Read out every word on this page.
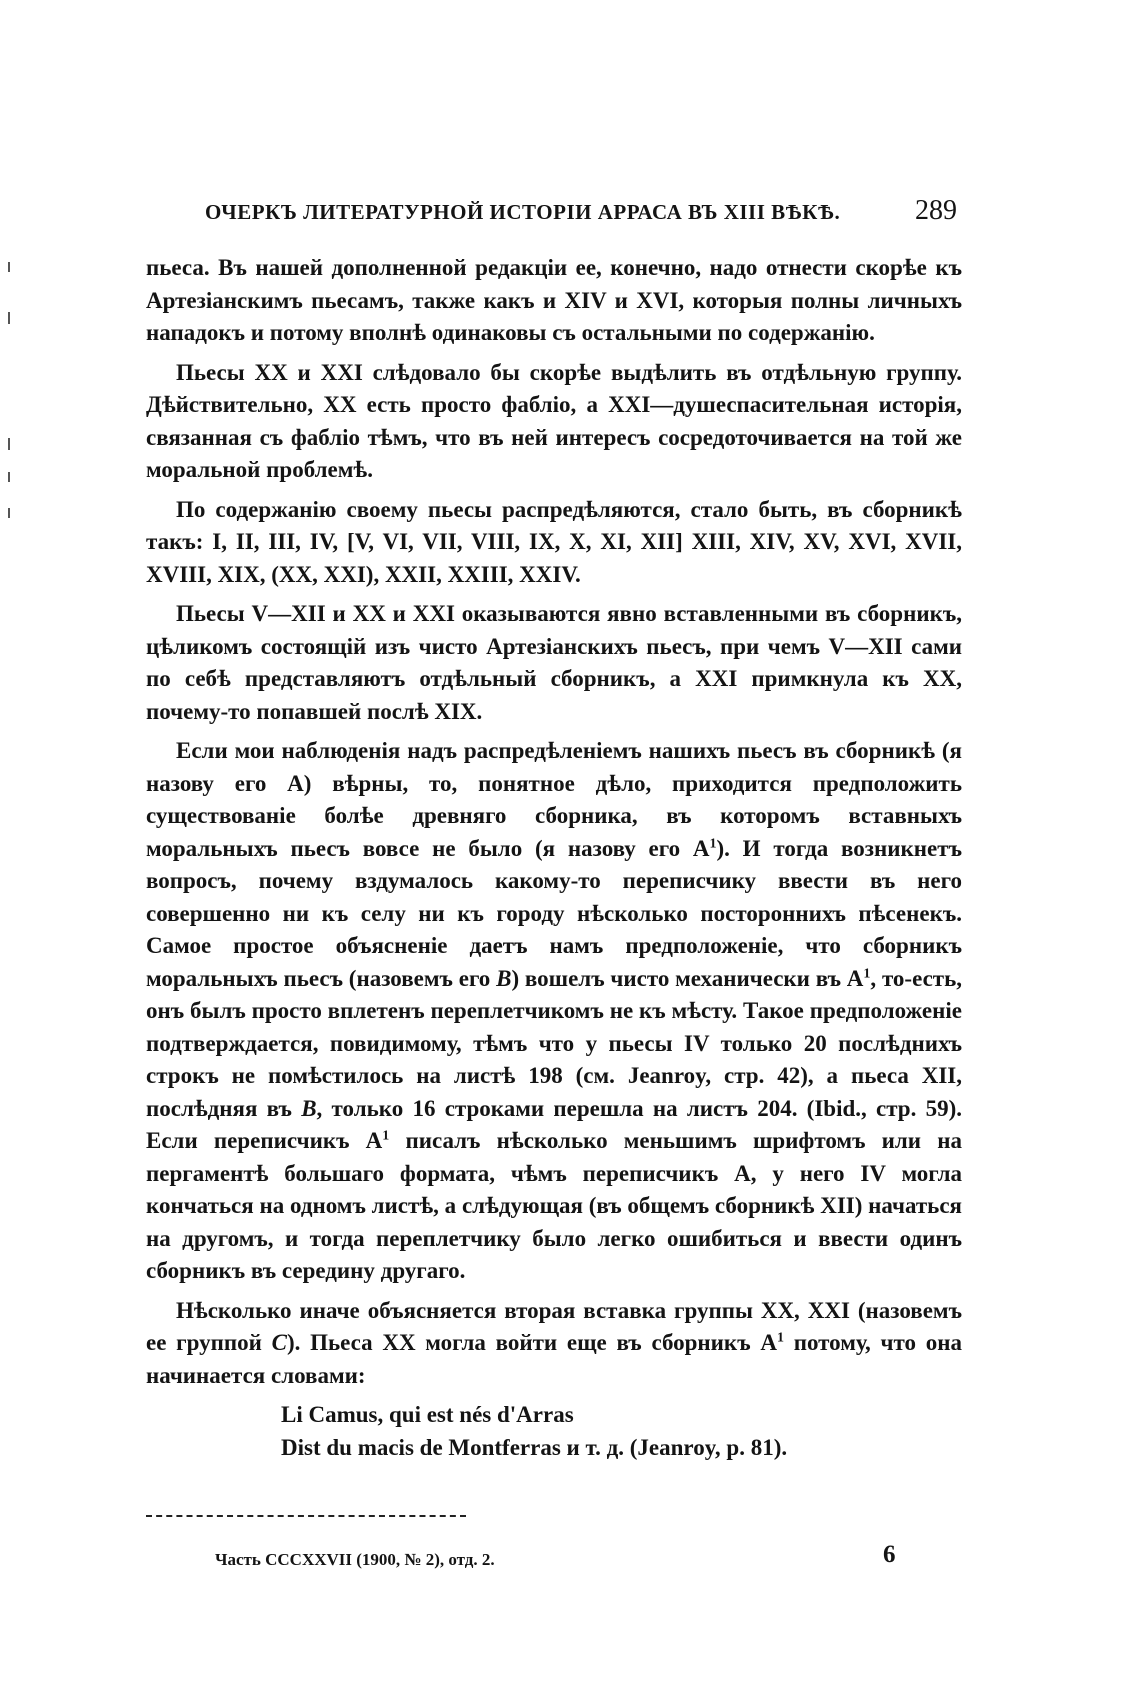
ОЧЕРКЪ ЛИТЕРАТУРНОЙ ИСТОРІИ АРРАСА ВЪ XIII ВѢКѢ.	289

пьеса. Въ нашей дополненной редакціи ее, конечно, надо отнести скорѣе къ Артезіанскимъ пьесамъ, также какъ и XIV и XVI, которыя полны личныхъ нападокъ и потому вполнѣ одинаковы съ остальными по содержанію.

Пьесы XX и XXI слѣдовало бы скорѣе выдѣлить въ отдѣльную группу. Дѣйствительно, XX есть просто фабліо, а XXI—душеспасительная исторія, связанная съ фабліо тѣмъ, что въ ней интересъ сосредоточивается на той же моральной проблемѣ.

По содержанію своему пьесы распредѣляются, стало быть, въ сборникѣ такъ: I, II, III, IV, [V, VI, VII, VIII, IX, X, XI, XII] XIII, XIV, XV, XVI, XVII, XVIII, XIX, (XX, XXI), XXII, XXIII, XXIV.

Пьесы V—XII и XX и XXI оказываются явно вставленными въ сборникъ, цѣликомъ состоящій изъ чисто Артезіанскихъ пьесъ, при чемъ V—XII сами по себѣ представляютъ отдѣльный сборникъ, а XXI примкнула къ XX, почему-то попавшей послѣ XIX.

Если мои наблюденія надъ распредѣленіемъ нашихъ пьесъ въ сборникѣ (я назову его А) вѣрны, то, понятное дѣло, приходится предположить существованіе болѣе древняго сборника, въ которомъ вставныхъ моральныхъ пьесъ вовсе не было (я назову его $А^1$). И тогда возникнетъ вопросъ, почему вздумалось какому-то переписчику ввести въ него совершенно ни къ селу ни къ городу нѣсколько постороннихъ пѣсенекъ. Самое простое объясненіе даетъ намъ предположеніе, что сборникъ моральныхъ пьесъ (назовемъ его B) вошелъ чисто механически въ $А^1$, то-есть, онъ былъ просто вплетенъ переплетчикомъ не къ мѣсту. Такое предположеніе подтверждается, повидимому, тѣмъ что у пьесы IV только 20 послѣднихъ строкъ не помѣстилось на листѣ 198 (см. Jeanroy, стр. 42), а пьеса XII, послѣдняя въ B, только 16 строками перешла на листъ 204. (Ibid., стр. 59). Если переписчикъ $А^1$ писалъ нѣсколько меньшимъ шрифтомъ или на пергаментѣ большаго формата, чѣмъ переписчикъ А, у него IV могла кончаться на одномъ листѣ, а слѣдующая (въ общемъ сборникѣ XII) начаться на другомъ, и тогда переплетчику было легко ошибиться и ввести одинъ сборникъ въ середину другаго.

Нѣсколько иначе объясняется вторая вставка группы XX, XXI (назовемъ ее группой C). Пьеса XX могла войти еще въ сборникъ $А^1$ потому, что она начинается словами:

Li Camus, qui est nés d'Arras
Dist du macis de Montferras и т. д. (Jeanroy, p. 81).
Часть CCCXXVII (1900, № 2), отд. 2.	6
